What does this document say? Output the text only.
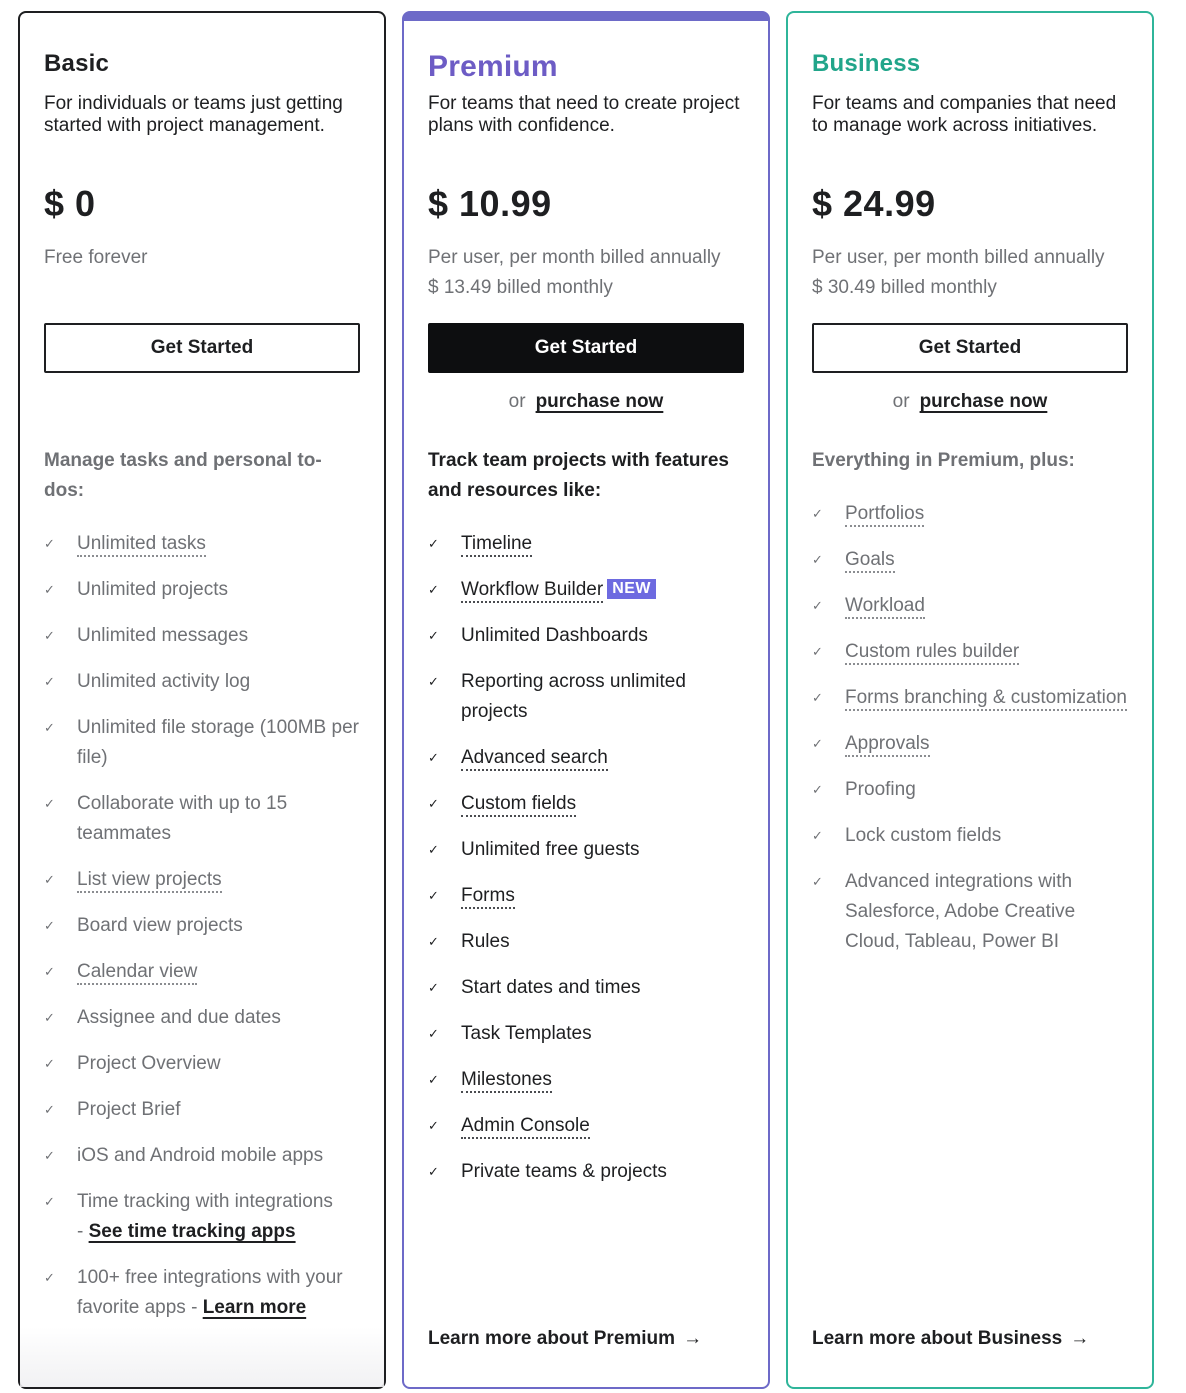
Basic
For individuals or teams just getting started with project management.
$ 0
Free forever
Get Started
Manage tasks and personal to-dos:
✓ Unlimited tasks
✓ Unlimited projects
✓ Unlimited messages
✓ Unlimited activity log
✓ Unlimited file storage (100MB per file)
✓ Collaborate with up to 15 teammates
✓ List view projects
✓ Board view projects
✓ Calendar view
✓ Assignee and due dates
✓ Project Overview
✓ Project Brief
✓ iOS and Android mobile apps
✓ Time tracking with integrations
- See time tracking apps
✓ 100+ free integrations with your favorite apps - Learn more
Premium
For teams that need to create project plans with confidence.
$ 10.99
Per user, per month billed annually
$ 13.49 billed monthly
Get Started
or purchase now
Track team projects with features and resources like:
✓ Timeline
✓ Workflow Builder NEW
✓ Unlimited Dashboards
✓ Reporting across unlimited projects
✓ Advanced search
✓ Custom fields
✓ Unlimited free guests
✓ Forms
✓ Rules
✓ Start dates and times
✓ Task Templates
✓ Milestones
✓ Admin Console
✓ Private teams & projects
Learn more about Premium →
Business
For teams and companies that need to manage work across initiatives.
$ 24.99
Per user, per month billed annually
$ 30.49 billed monthly
Get Started
or purchase now
Everything in Premium, plus:
✓ Portfolios
✓ Goals
✓ Workload
✓ Custom rules builder
✓ Forms branching & customization
✓ Approvals
✓ Proofing
✓ Lock custom fields
✓ Advanced integrations with Salesforce, Adobe Creative Cloud, Tableau, Power BI
Learn more about Business →
